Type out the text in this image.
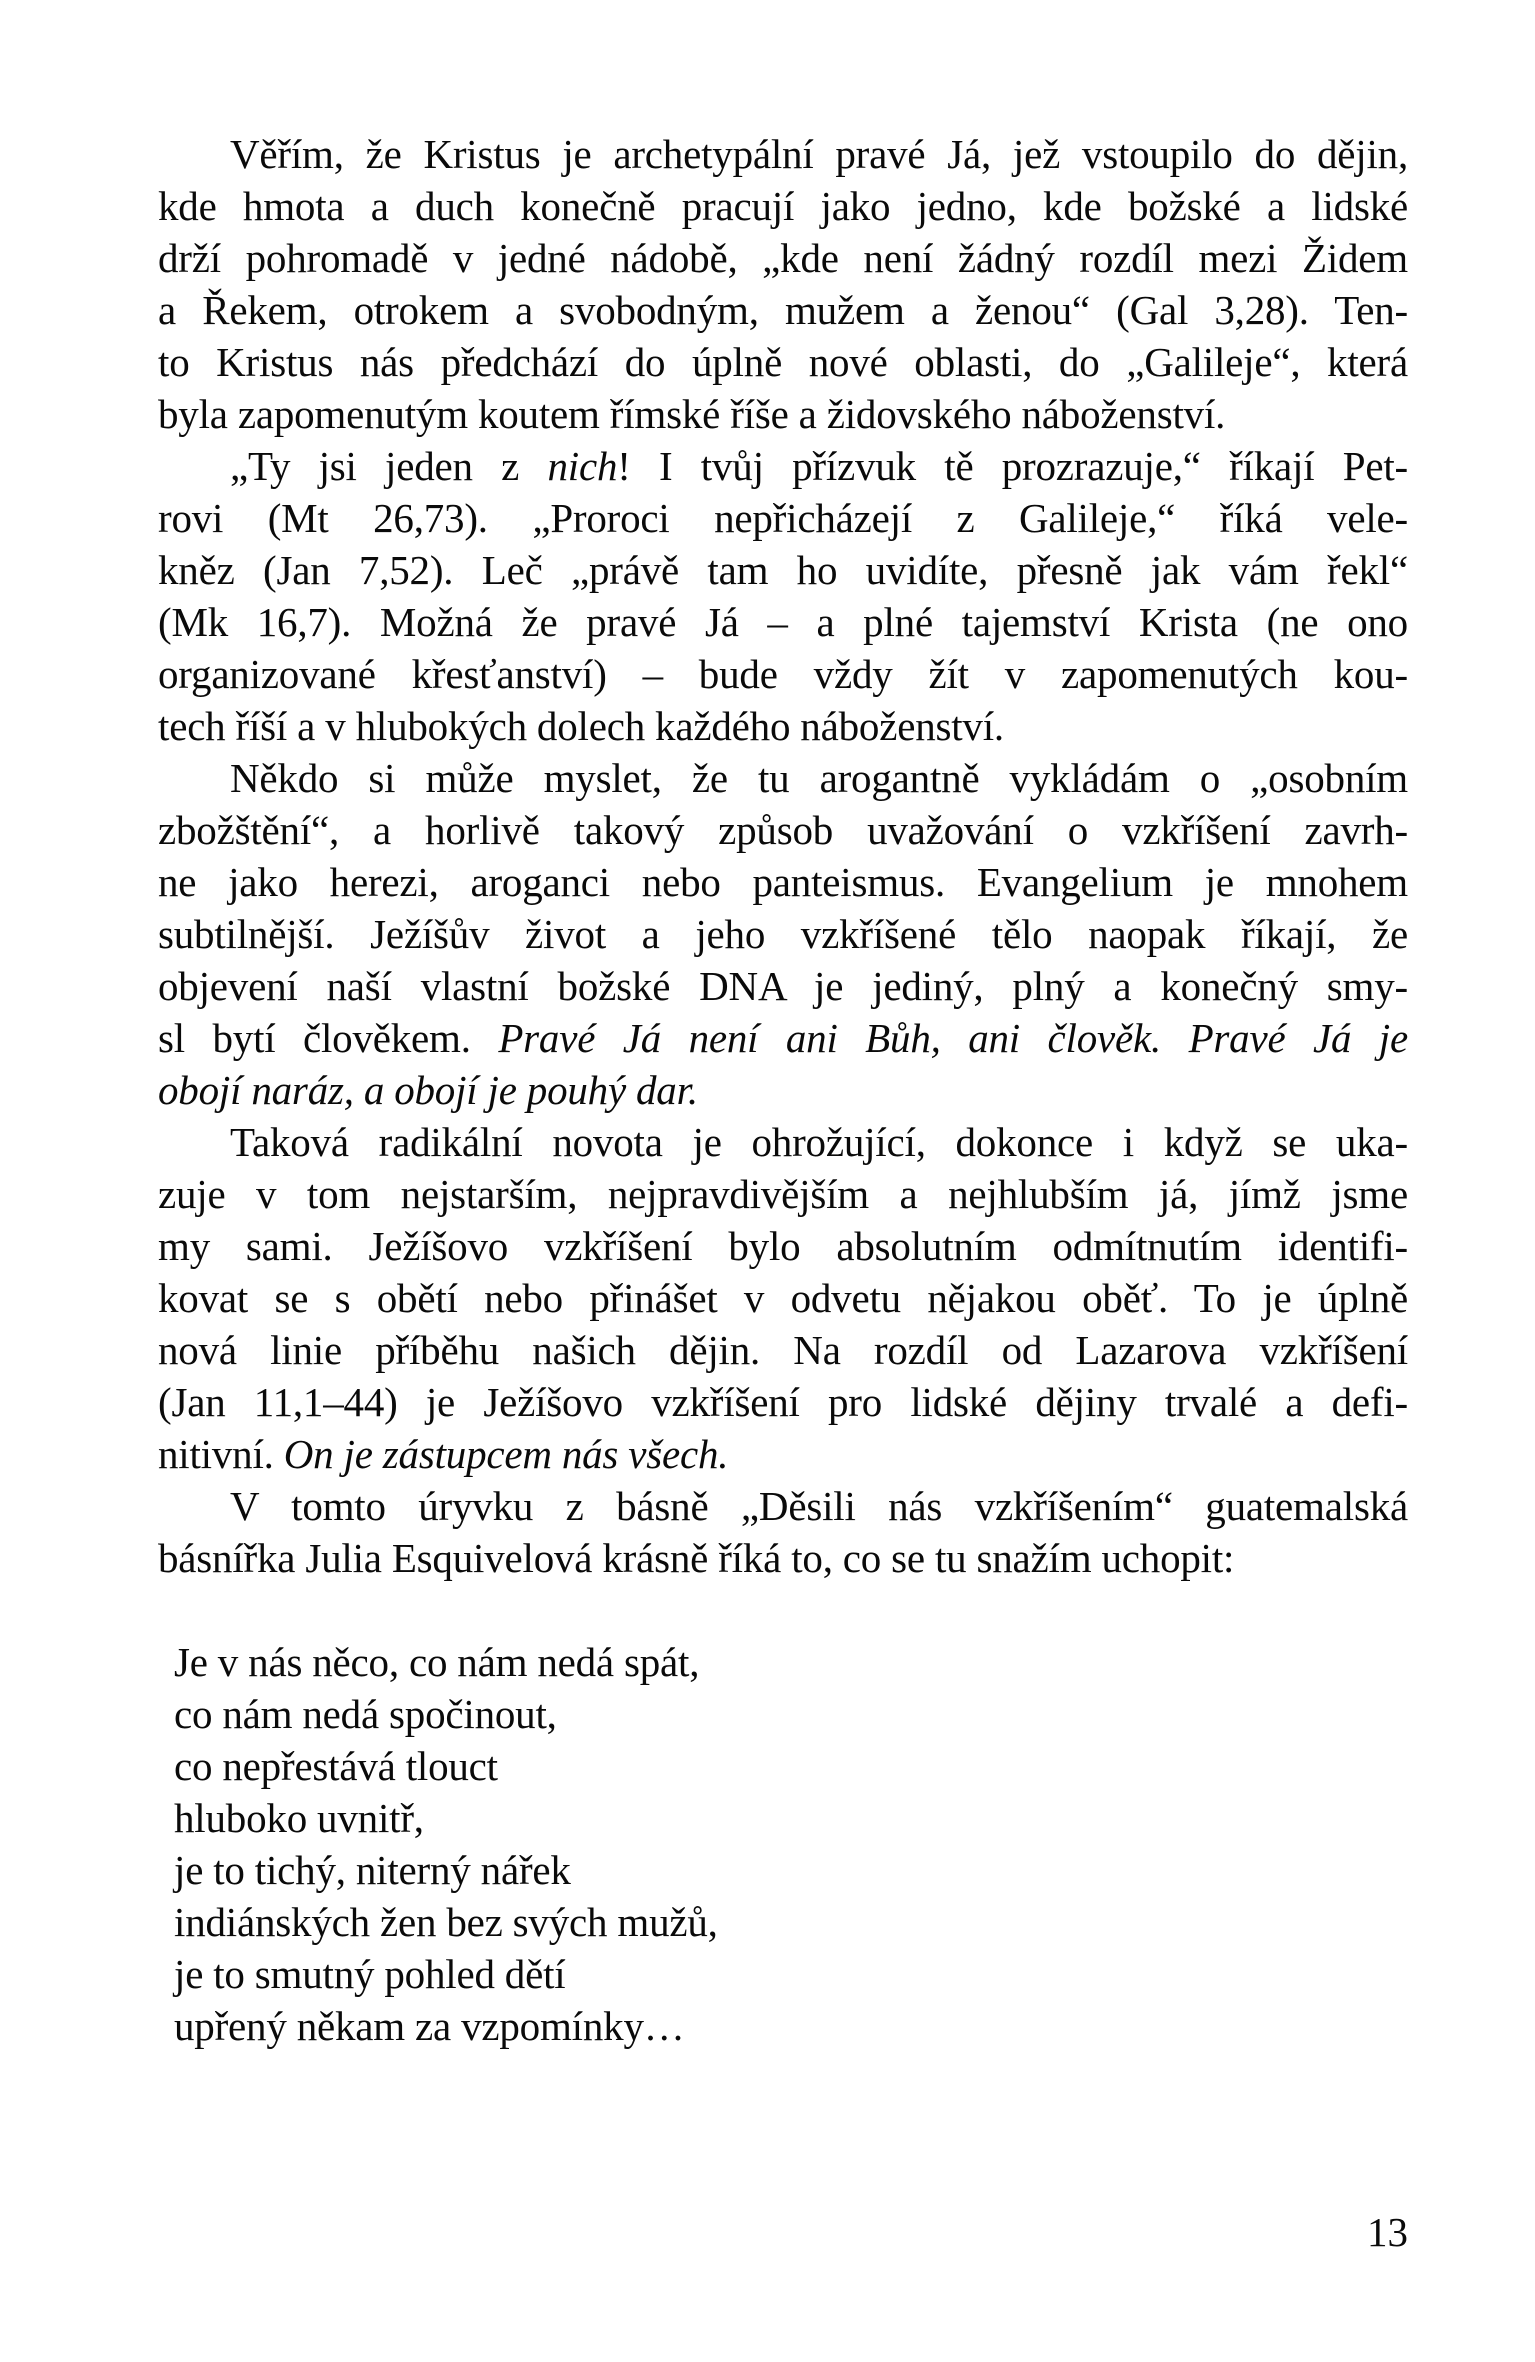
Věřím, že Kristus je archetypální pravé Já, jež vstoupilo do dějin,
kde hmota a duch konečně pracují jako jedno, kde božské a lidské
drží pohromadě v jedné nádobě, „kde není žádný rozdíl mezi Židem
a Řekem, otrokem a svobodným, mužem a ženou“ (Gal 3,28). Ten-
to Kristus nás předchází do úplně nové oblasti, do „Galileje“, která
byla zapomenutým koutem římské říše a židovského náboženství.
„Ty jsi jeden z nich! I tvůj přízvuk tě prozrazuje,“ říkají Pet-
rovi (Mt 26,73). „Proroci nepřicházejí z Galileje,“ říká vele-
kněz (Jan 7,52). Leč „právě tam ho uvidíte, přesně jak vám řekl“
(Mk 16,7). Možná že pravé Já – a plné tajemství Krista (ne ono
organizované křesťanství) – bude vždy žít v zapomenutých kou-
tech říší a v hlubokých dolech každého náboženství.
Někdo si může myslet, že tu arogantně vykládám o „osobním
zbožštění“, a horlivě takový způsob uvažování o vzkříšení zavrh-
ne jako herezi, aroganci nebo panteismus. Evangelium je mnohem
subtilnější. Ježíšův život a jeho vzkříšené tělo naopak říkají, že
objevení naší vlastní božské DNA je jediný, plný a konečný smy-
sl bytí člověkem. Pravé Já není ani Bůh, ani člověk. Pravé Já je
obojí naráz, a obojí je pouhý dar.
Taková radikální novota je ohrožující, dokonce i když se uka-
zuje v tom nejstarším, nejpravdivějším a nejhlubším já, jímž jsme
my sami. Ježíšovo vzkříšení bylo absolutním odmítnutím identifi-
kovat se s obětí nebo přinášet v odvetu nějakou oběť. To je úplně
nová linie příběhu našich dějin. Na rozdíl od Lazarova vzkříšení
(Jan 11,1–44) je Ježíšovo vzkříšení pro lidské dějiny trvalé a defi-
nitivní. On je zástupcem nás všech.
V tomto úryvku z básně „Děsili nás vzkříšením“ guatemalská
básnířka Julia Esquivelová krásně říká to, co se tu snažím uchopit:
Je v nás něco, co nám nedá spát,
co nám nedá spočinout,
co nepřestává tlouct
hluboko uvnitř,
je to tichý, niterný nářek
indiánských žen bez svých mužů,
je to smutný pohled dětí
upřený někam za vzpomínky…
13
